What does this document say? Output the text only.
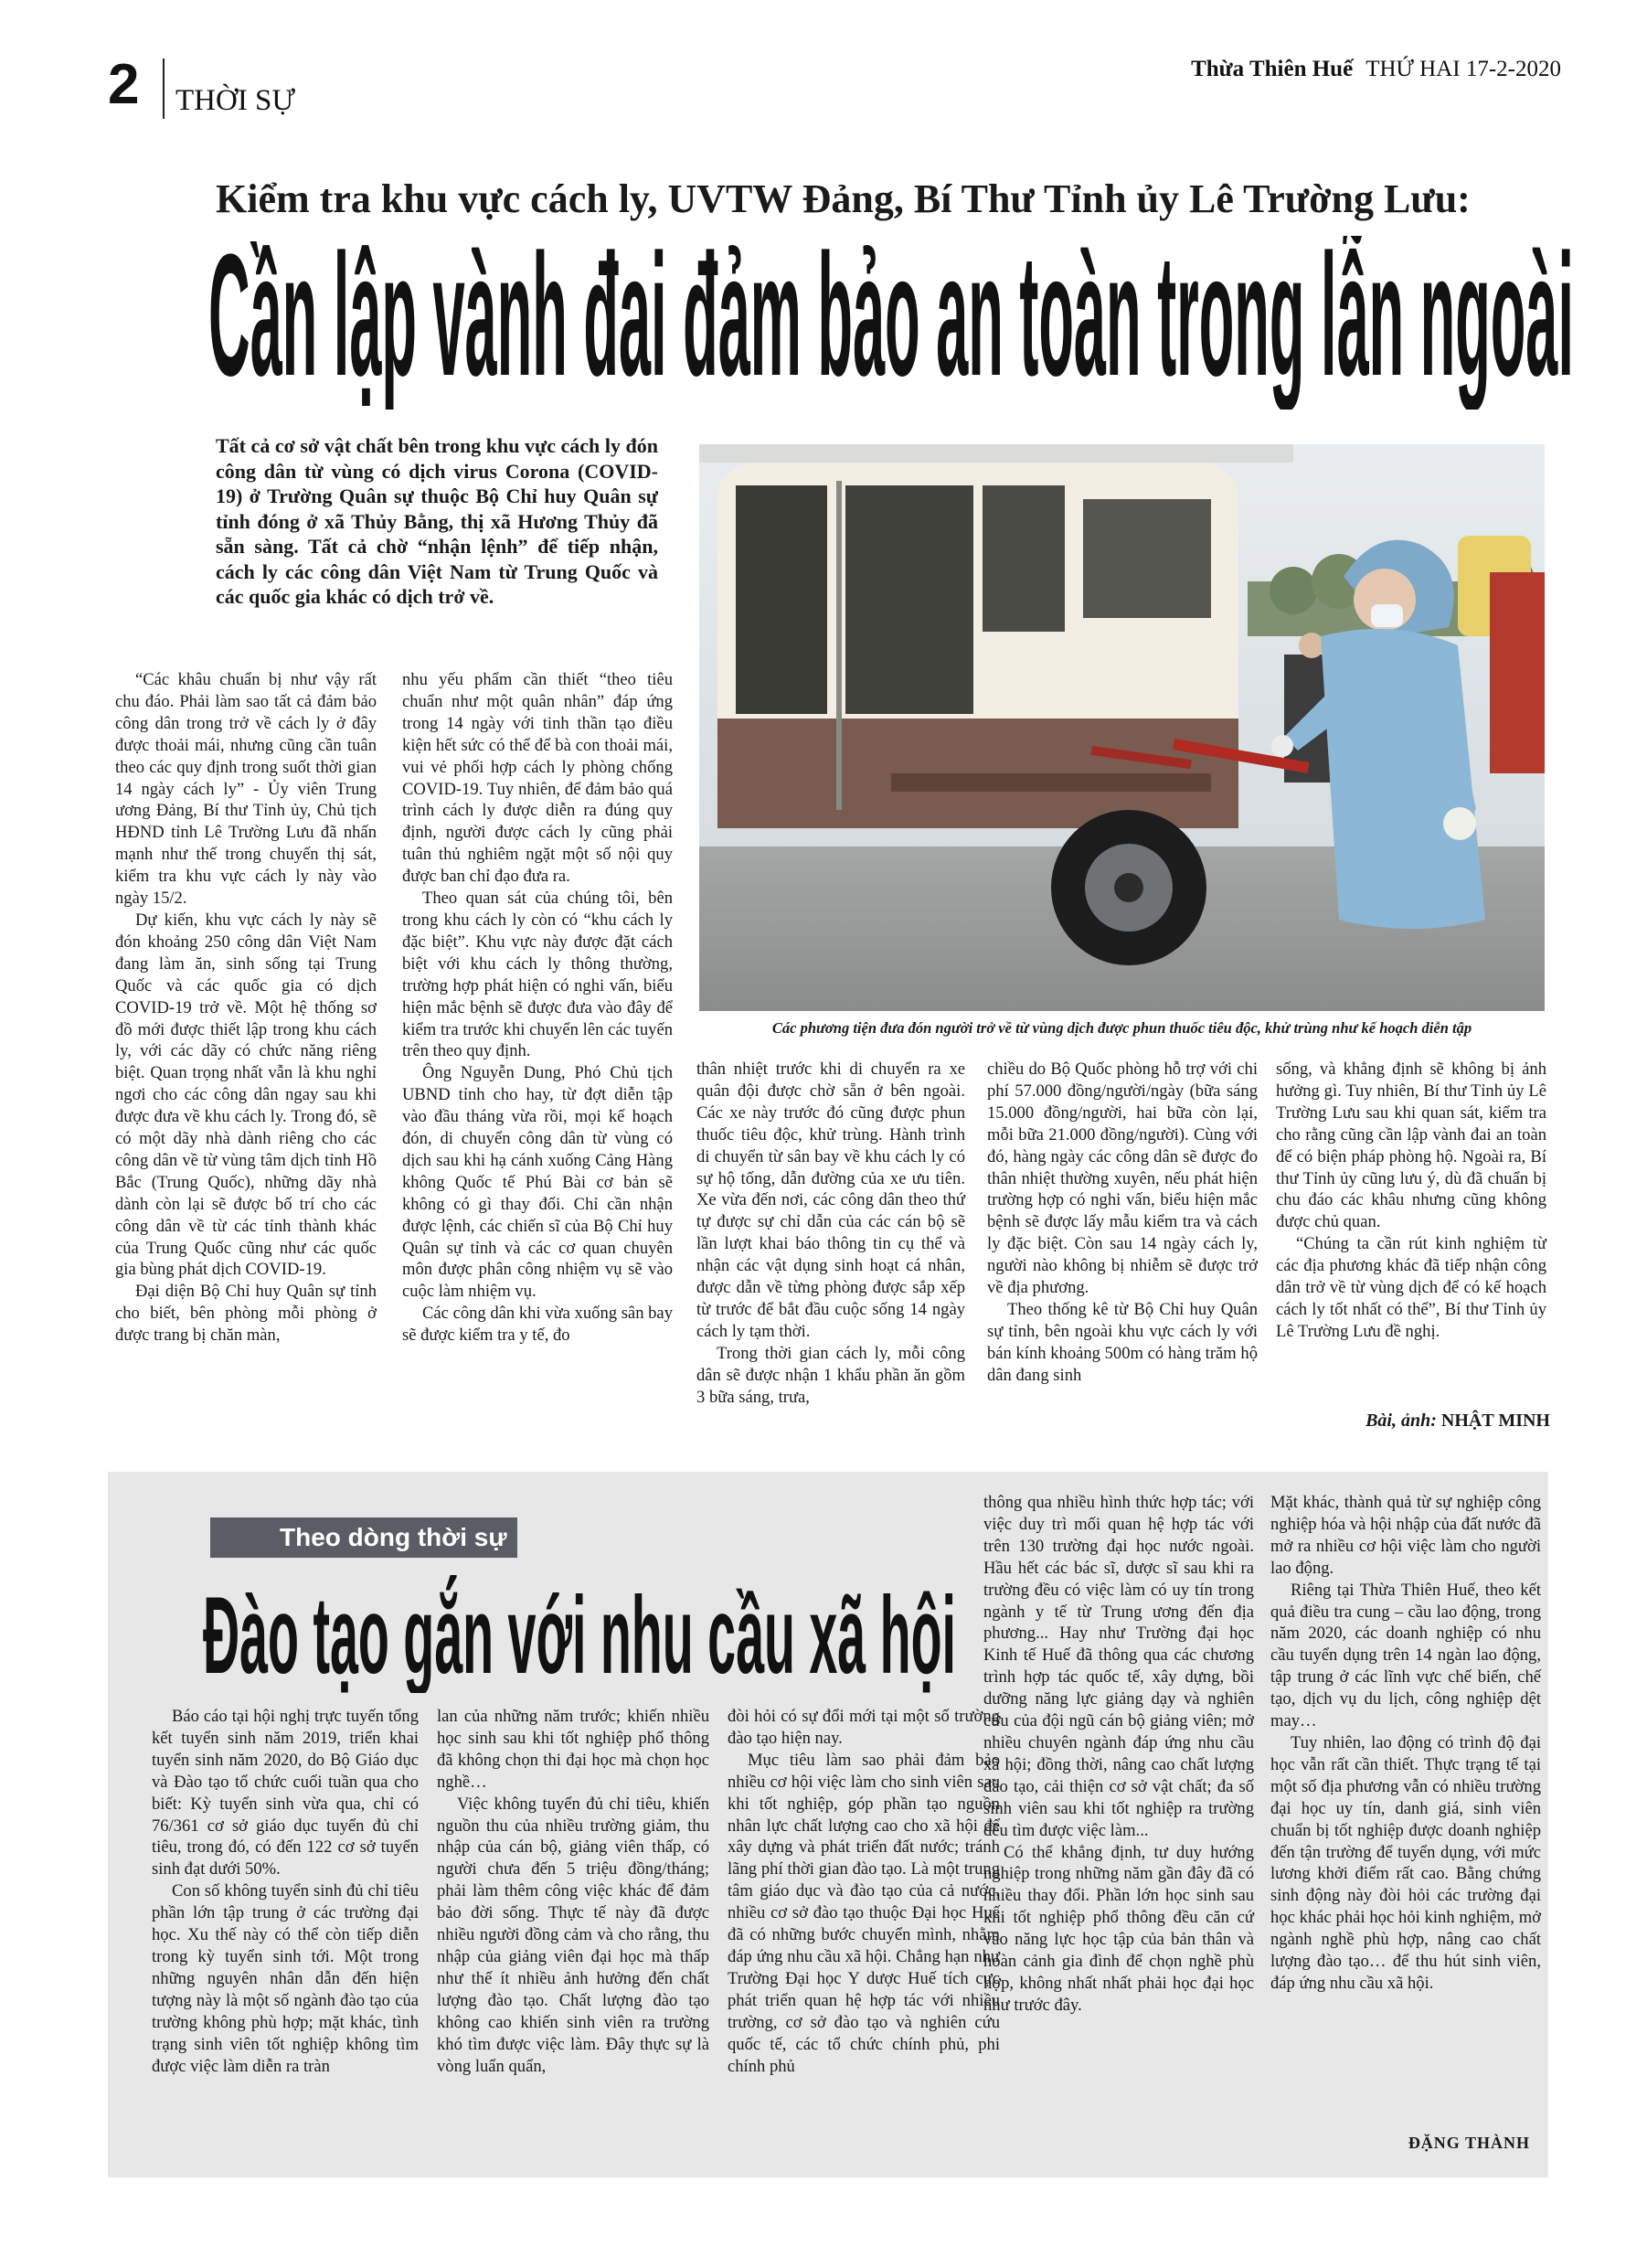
2 THỜI SỰ
Thừa Thiên Huế THỨ HAI 17-2-2020
Kiểm tra khu vực cách ly, UVTW Đảng, Bí Thư Tỉnh ủy Lê Trường Lưu:
Cần lập vành đai đảm bảo an toàn trong lẫn ngoài
Tất cả cơ sở vật chất bên trong khu vực cách ly đón công dân từ vùng có dịch virus Corona (COVID-19) ở Trường Quân sự thuộc Bộ Chỉ huy Quân sự tỉnh đóng ở xã Thủy Bằng, thị xã Hương Thủy đã sẵn sàng. Tất cả chờ “nhận lệnh” để tiếp nhận, cách ly các công dân Việt Nam từ Trung Quốc và các quốc gia khác có dịch trở về.
Các phương tiện đưa đón người trở về từ vùng dịch được phun thuốc tiêu độc, khử trùng như kế hoạch diễn tập

“Các khâu chuẩn bị như vậy rất chu đáo. Phải làm sao tất cả đảm bảo công dân trong trở về cách ly ở đây được thoải mái, nhưng cũng cần tuân theo các quy định trong suốt thời gian 14 ngày cách ly” - Ủy viên Trung ương Đảng, Bí thư Tỉnh ủy, Chủ tịch HĐND tỉnh Lê Trường Lưu đã nhấn mạnh như thế trong chuyến thị sát, kiểm tra khu vực cách ly này vào ngày 15/2.

Dự kiến, khu vực cách ly này sẽ đón khoảng 250 công dân Việt Nam đang làm ăn, sinh sống tại Trung Quốc và các quốc gia có dịch COVID-19 trở về. Một hệ thống sơ đồ mới được thiết lập trong khu cách ly, với các dãy có chức năng riêng biệt. Quan trọng nhất vẫn là khu nghỉ ngơi cho các công dân ngay sau khi được đưa về khu cách ly. Trong đó, sẽ có một dãy nhà dành riêng cho các công dân về từ vùng tâm dịch tỉnh Hồ Bắc (Trung Quốc), những dãy nhà dành còn lại sẽ được bố trí cho các công dân về từ các tỉnh thành khác của Trung Quốc cũng như các quốc gia bùng phát dịch COVID-19.

Đại diện Bộ Chỉ huy Quân sự tỉnh cho biết, bên phòng mỗi phòng ở được trang bị chăn màn,

nhu yếu phẩm cần thiết “theo tiêu chuẩn như một quân nhân” đáp ứng trong 14 ngày với tinh thần tạo điều kiện hết sức có thể để bà con thoải mái, vui vẻ phối hợp cách ly phòng chống COVID-19. Tuy nhiên, để đảm bảo quá trình cách ly được diễn ra đúng quy định, người được cách ly cũng phải tuân thủ nghiêm ngặt một số nội quy được ban chỉ đạo đưa ra.

Theo quan sát của chúng tôi, bên trong khu cách ly còn có “khu cách ly đặc biệt”. Khu vực này được đặt cách biệt với khu cách ly thông thường, trường hợp phát hiện có nghi vấn, biểu hiện mắc bệnh sẽ được đưa vào đây để kiểm tra trước khi chuyển lên các tuyến trên theo quy định.

Ông Nguyễn Dung, Phó Chủ tịch UBND tỉnh cho hay, từ đợt diễn tập vào đầu tháng vừa rồi, mọi kế hoạch đón, di chuyển công dân từ vùng có dịch sau khi hạ cánh xuống Cảng Hàng không Quốc tế Phú Bài cơ bản sẽ không có gì thay đổi. Chỉ cần nhận được lệnh, các chiến sĩ của Bộ Chỉ huy Quân sự tỉnh và các cơ quan chuyên môn được phân công nhiệm vụ sẽ vào cuộc làm nhiệm vụ.

Các công dân khi vừa xuống sân bay sẽ được kiểm tra y tế, đo

thân nhiệt trước khi di chuyển ra xe quân đội được chờ sẵn ở bên ngoài. Các xe này trước đó cũng được phun thuốc tiêu độc, khử trùng. Hành trình di chuyển từ sân bay về khu cách ly có sự hộ tống, dẫn đường của xe ưu tiên. Xe vừa đến nơi, các công dân theo thứ tự được sự chỉ dẫn của các cán bộ sẽ lần lượt khai báo thông tin cụ thể và nhận các vật dụng sinh hoạt cá nhân, được dẫn về từng phòng được sắp xếp từ trước để bắt đầu cuộc sống 14 ngày cách ly tạm thời.

Trong thời gian cách ly, mỗi công dân sẽ được nhận 1 khẩu phần ăn gồm 3 bữa sáng, trưa,

chiều do Bộ Quốc phòng hỗ trợ với chi phí 57.000 đồng/người/ngày (bữa sáng 15.000 đồng/người, hai bữa còn lại, mỗi bữa 21.000 đồng/người). Cùng với đó, hàng ngày các công dân sẽ được đo thân nhiệt thường xuyên, nếu phát hiện trường hợp có nghi vấn, biểu hiện mắc bệnh sẽ được lấy mẫu kiểm tra và cách ly đặc biệt. Còn sau 14 ngày cách ly, người nào không bị nhiễm sẽ được trở về địa phương.

Theo thống kê từ Bộ Chỉ huy Quân sự tỉnh, bên ngoài khu vực cách ly với bán kính khoảng 500m có hàng trăm hộ dân đang sinh

sống, và khẳng định sẽ không bị ảnh hưởng gì. Tuy nhiên, Bí thư Tỉnh ủy Lê Trường Lưu sau khi quan sát, kiểm tra cho rằng cũng cần lập vành đai an toàn để có biện pháp phòng hộ. Ngoài ra, Bí thư Tỉnh ủy cũng lưu ý, dù đã chuẩn bị chu đáo các khâu nhưng cũng không được chủ quan.

“Chúng ta cần rút kinh nghiệm từ các địa phương khác đã tiếp nhận công dân trở về từ vùng dịch để có kế hoạch cách ly tốt nhất có thể”, Bí thư Tỉnh ủy Lê Trường Lưu đề nghị.

Bài, ảnh: NHẬT MINH
Theo dòng thời sự
Đào tạo gắn với nhu cầu xã hội

Báo cáo tại hội nghị trực tuyến tổng kết tuyển sinh năm 2019, triển khai tuyển sinh năm 2020, do Bộ Giáo dục và Đào tạo tổ chức cuối tuần qua cho biết: Kỳ tuyển sinh vừa qua, chỉ có 76/361 cơ sở giáo dục tuyển đủ chỉ tiêu, trong đó, có đến 122 cơ sở tuyển sinh đạt dưới 50%.

Con số không tuyển sinh đủ chỉ tiêu phần lớn tập trung ở các trường đại học. Xu thế này có thể còn tiếp diễn trong kỳ tuyển sinh tới. Một trong những nguyên nhân dẫn đến hiện tượng này là một số ngành đào tạo của trường không phù hợp; mặt khác, tình trạng sinh viên tốt nghiệp không tìm được việc làm diễn ra tràn

lan của những năm trước; khiến nhiều học sinh sau khi tốt nghiệp phổ thông đã không chọn thi đại học mà chọn học nghề…

Việc không tuyển đủ chỉ tiêu, khiến nguồn thu của nhiều trường giảm, thu nhập của cán bộ, giảng viên thấp, có người chưa đến 5 triệu đồng/tháng; phải làm thêm công việc khác để đảm bảo đời sống. Thực tế này đã được nhiều người đồng cảm và cho rằng, thu nhập của giảng viên đại học mà thấp như thế ít nhiều ảnh hưởng đến chất lượng đào tạo. Chất lượng đào tạo không cao khiến sinh viên ra trường khó tìm được việc làm. Đây thực sự là vòng luẩn quẩn,

đòi hỏi có sự đổi mới tại một số trường đào tạo hiện nay.

Mục tiêu làm sao phải đảm bảo nhiều cơ hội việc làm cho sinh viên sau khi tốt nghiệp, góp phần tạo nguồn nhân lực chất lượng cao cho xã hội để xây dựng và phát triển đất nước; tránh lãng phí thời gian đào tạo. Là một trung tâm giáo dục và đào tạo của cả nước, nhiều cơ sở đào tạo thuộc Đại học Huế đã có những bước chuyển mình, nhằm đáp ứng nhu cầu xã hội. Chẳng hạn như Trường Đại học Y dược Huế tích cực phát triển quan hệ hợp tác với nhiều trường, cơ sở đào tạo và nghiên cứu quốc tế, các tổ chức chính phủ, phi chính phủ

thông qua nhiều hình thức hợp tác; với việc duy trì mối quan hệ hợp tác với trên 130 trường đại học nước ngoài. Hầu hết các bác sĩ, dược sĩ sau khi ra trường đều có việc làm có uy tín trong ngành y tế từ Trung ương đến địa phương... Hay như Trường đại học Kinh tế Huế đã thông qua các chương trình hợp tác quốc tế, xây dựng, bồi dưỡng năng lực giảng dạy và nghiên cứu của đội ngũ cán bộ giảng viên; mở nhiều chuyên ngành đáp ứng nhu cầu xã hội; đồng thời, nâng cao chất lượng đào tạo, cải thiện cơ sở vật chất; đa số sinh viên sau khi tốt nghiệp ra trường đều tìm được việc làm...

Có thể khẳng định, tư duy hướng nghiệp trong những năm gần đây đã có nhiều thay đổi. Phần lớn học sinh sau khi tốt nghiệp phổ thông đều căn cứ vào năng lực học tập của bản thân và hoàn cảnh gia đình để chọn nghề phù hợp, không nhất nhất phải học đại học như trước đây.

Mặt khác, thành quả từ sự nghiệp công nghiệp hóa và hội nhập của đất nước đã mở ra nhiều cơ hội việc làm cho người lao động.

Riêng tại Thừa Thiên Huế, theo kết quả điều tra cung – cầu lao động, trong năm 2020, các doanh nghiệp có nhu cầu tuyển dụng trên 14 ngàn lao động, tập trung ở các lĩnh vực chế biến, chế tạo, dịch vụ du lịch, công nghiệp dệt may…

Tuy nhiên, lao động có trình độ đại học vẫn rất cần thiết. Thực trạng tế tại một số địa phương vẫn có nhiều trường đại học uy tín, danh giá, sinh viên chuẩn bị tốt nghiệp được doanh nghiệp đến tận trường để tuyển dụng, với mức lương khởi điểm rất cao. Bằng chứng sinh động này đòi hỏi các trường đại học khác phải học hỏi kinh nghiệm, mở ngành nghề phù hợp, nâng cao chất lượng đào tạo… để thu hút sinh viên, đáp ứng nhu cầu xã hội.

ĐẶNG THÀNH
